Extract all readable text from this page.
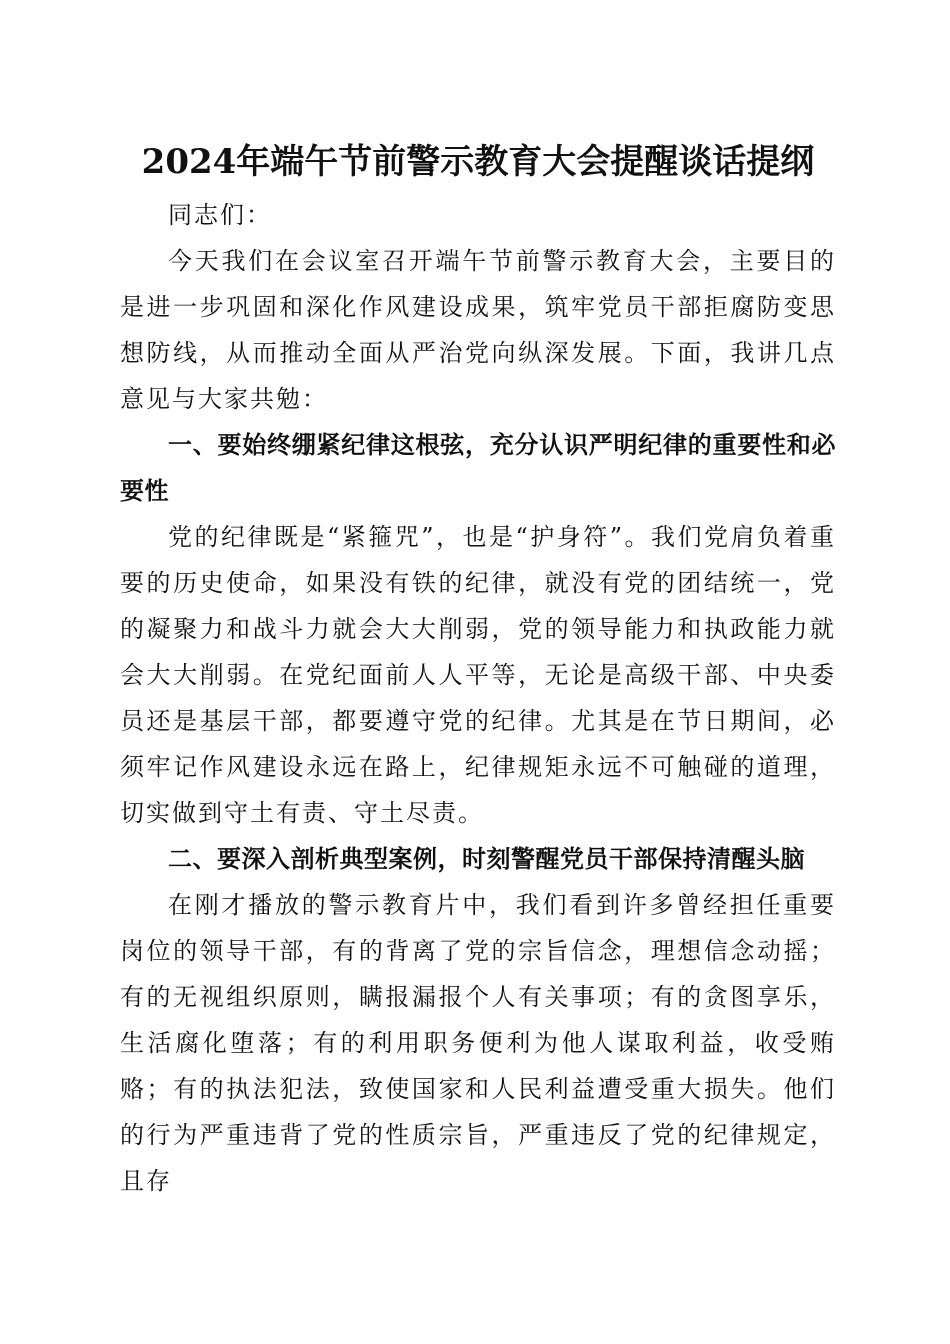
2024年端午节前警示教育大会提醒谈话提纲

同志们：

今天我们在会议室召开端午节前警示教育大会，主要目的是进一步巩固和深化作风建设成果，筑牢党员干部拒腐防变思想防线，从而推动全面从严治党向纵深发展。下面，我讲几点意见与大家共勉：

一、要始终绷紧纪律这根弦，充分认识严明纪律的重要性和必要性

党的纪律既是“紧箍咒”，也是“护身符”。我们党肩负着重要的历史使命，如果没有铁的纪律，就没有党的团结统一，党的凝聚力和战斗力就会大大削弱，党的领导能力和执政能力就会大大削弱。在党纪面前人人平等，无论是高级干部、中央委员还是基层干部，都要遵守党的纪律。尤其是在节日期间，必须牢记作风建设永远在路上，纪律规矩永远不可触碰的道理，切实做到守土有责、守土尽责。

二、要深入剖析典型案例，时刻警醒党员干部保持清醒头脑

在刚才播放的警示教育片中，我们看到许多曾经担任重要岗位的领导干部，有的背离了党的宗旨信念，理想信念动摇；有的无视组织原则，瞒报漏报个人有关事项；有的贪图享乐，生活腐化堕落；有的利用职务便利为他人谋取利益，收受贿赂；有的执法犯法，致使国家和人民利益遭受重大损失。他们的行为严重违背了党的性质宗旨，严重违反了党的纪律规定，且存
